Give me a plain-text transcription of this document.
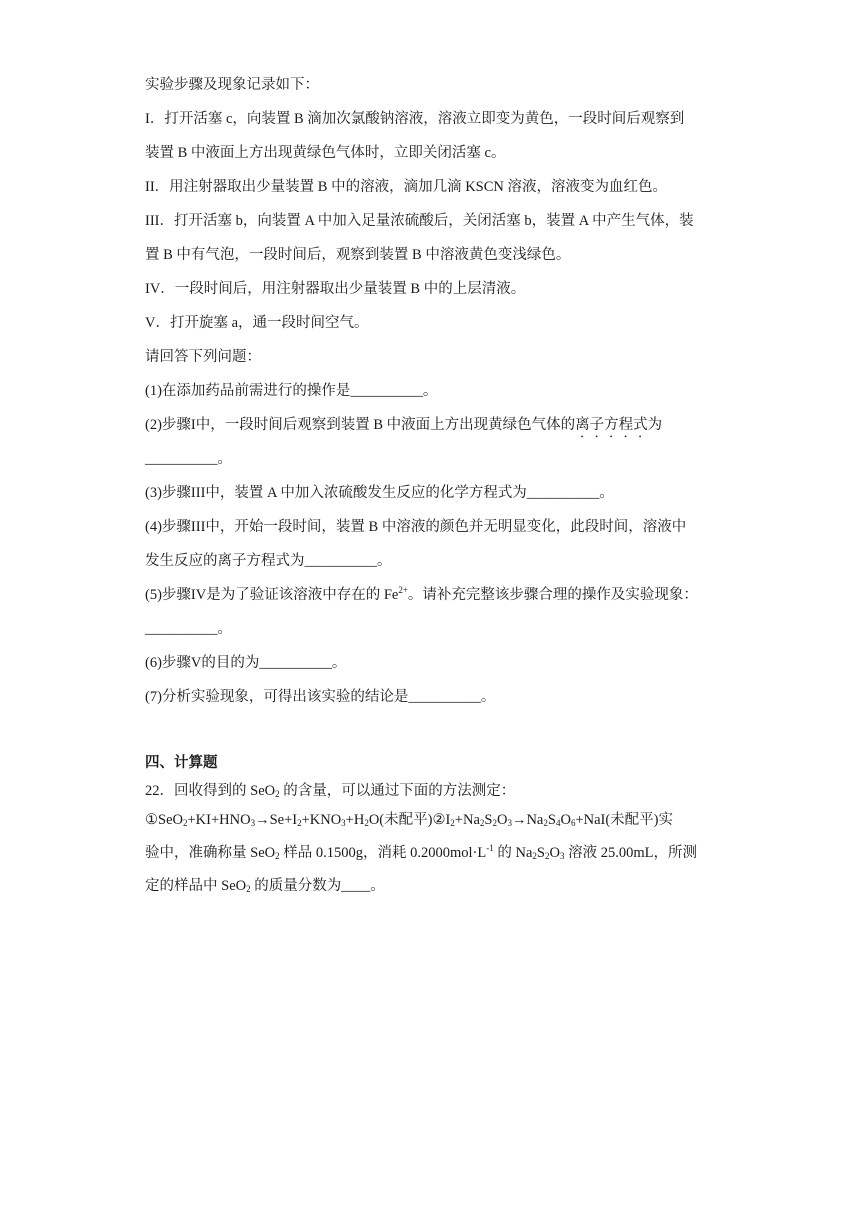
实验步骤及现象记录如下：
I．打开活塞 c，向装置 B 滴加次氯酸钠溶液，溶液立即变为黄色，一段时间后观察到
装置 B 中液面上方出现黄绿色气体时，立即关闭活塞 c。
II．用注射器取出少量装置 B 中的溶液，滴加几滴 KSCN 溶液，溶液变为血红色。
III．打开活塞 b，向装置 A 中加入足量浓硫酸后，关闭活塞 b，装置 A 中产生气体，装
置 B 中有气泡，一段时间后，观察到装置 B 中溶液黄色变浅绿色。
IV．一段时间后，用注射器取出少量装置 B 中的上层清液。
V．打开旋塞 a，通一段时间空气。
请回答下列问题：
(1)在添加药品前需进行的操作是__________。
(2)步骤I中，一段时间后观察到装置 B 中液面上方出现黄绿色气体的离子方程式为
__________。
(3)步骤III中，装置 A 中加入浓硫酸发生反应的化学方程式为__________。
(4)步骤III中，开始一段时间，装置 B 中溶液的颜色并无明显变化，此段时间，溶液中
发生反应的离子方程式为__________。
(5)步骤IV是为了验证该溶液中存在的 $Fe^{2+}$。请补充完整该步骤合理的操作及实验现象：
__________。
(6)步骤V的目的为__________。
(7)分析实验现象，可得出该实验的结论是__________。
四、计算题
22．回收得到的 SeO$_2$ 的含量，可以通过下面的方法测定：
$①SeO_2+KI+HNO_3\to Se+I_2+KNO_3+H_2O$(未配平)$②I_2+Na_2S_2O_3\to Na_2S_4O_6+NaI$(未配平)实
验中，准确称量 SeO$_2$ 样品 0.1500g，消耗 $0.2000mol\cdot L^{-1}$ 的 $Na_2S_2O_3$ 溶液 25.00mL，所测
定的样品中 SeO$_2$ 的质量分数为____。
